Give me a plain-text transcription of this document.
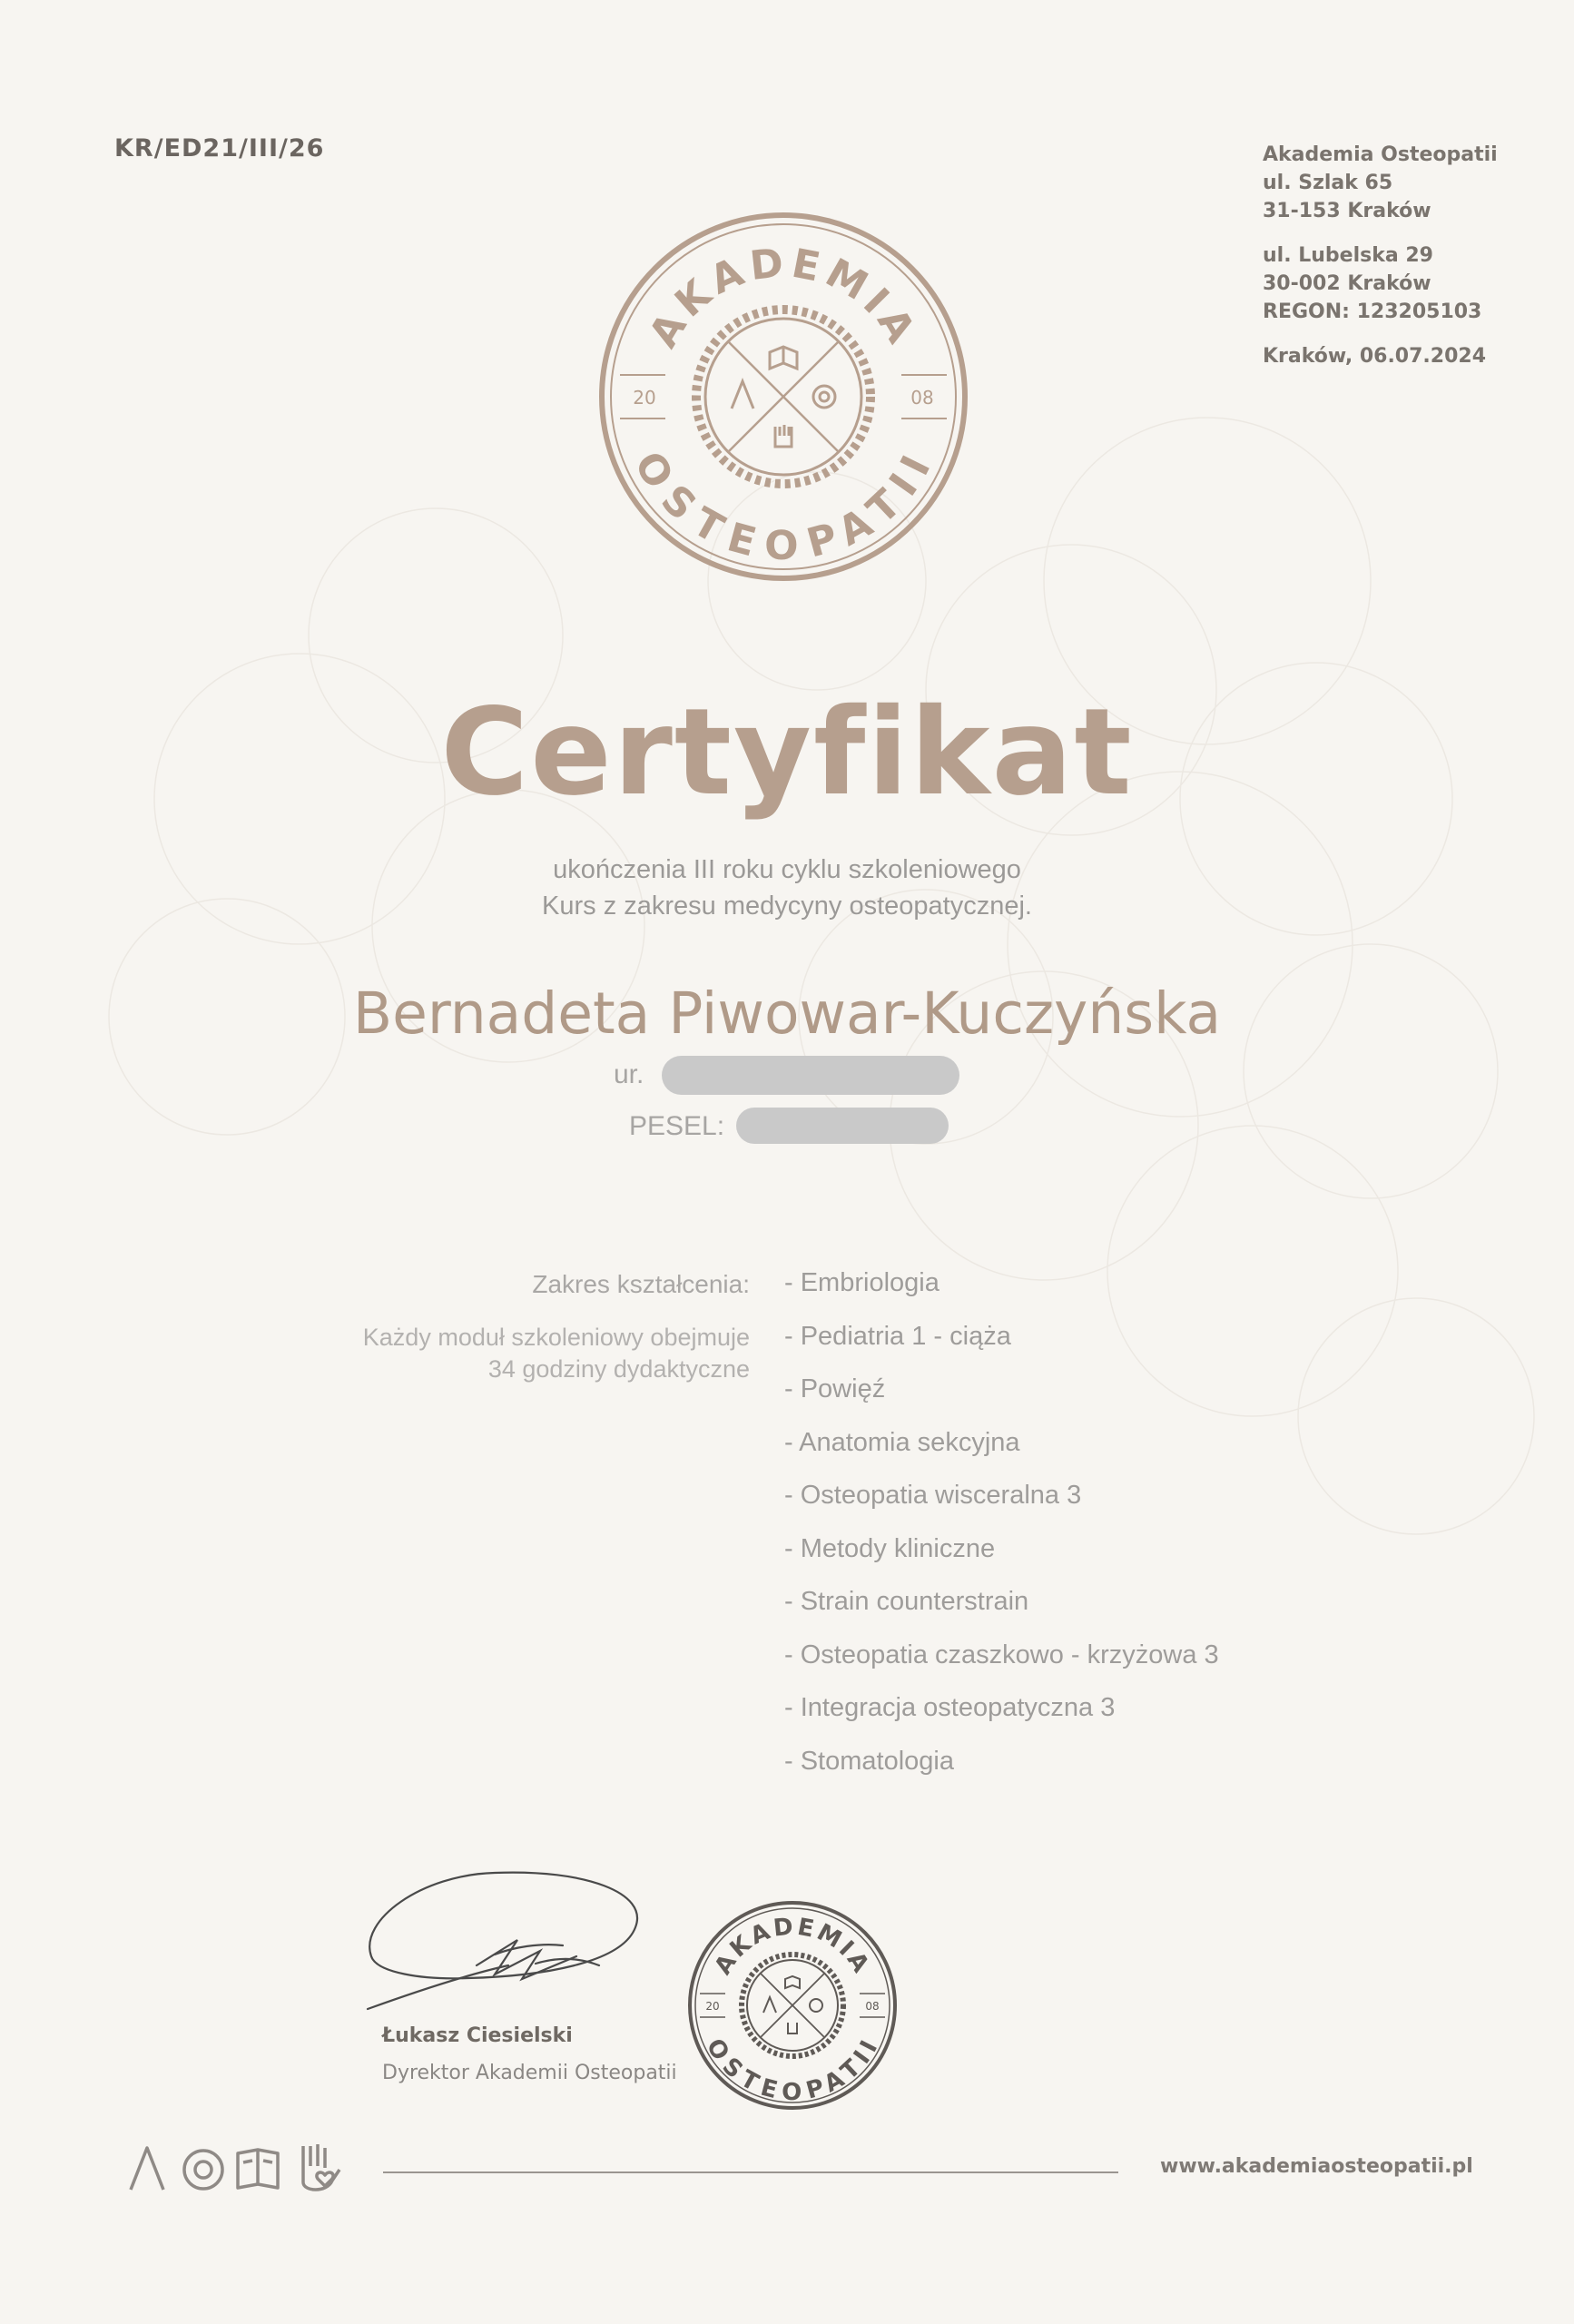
KR/ED21/III/26	Akademia Osteopatii
ul. Szlak 65
31-153 Kraków
ul. Lubelska 29
30-002 Kraków
REGON: 123205103
Kraków, 06.07.2024
AKADEMIA
OSTEOPATII
20	08
Certyfikat
ukończenia III roku cyklu szkoleniowego
Kurs z zakresu medycyny osteopatycznej.
Bernadeta Piwowar-Kuczyńska
ur.
PESEL:
Zakres kształcenia:
Każdy moduł szkoleniowy obejmuje
34 godziny dydaktyczne
- Embriologia
- Pediatria 1 - ciąża
- Powięź
- Anatomia sekcyjna
- Osteopatia wisceralna 3
- Metody kliniczne
- Strain counterstrain
- Osteopatia czaszkowo - krzyżowa 3
- Integracja osteopatyczna 3
- Stomatologia
Łukasz Ciesielski
Dyrektor Akademii Osteopatii
AKADEMIA
OSTEOPATII
20	08
www.akademiaosteopatii.pl
